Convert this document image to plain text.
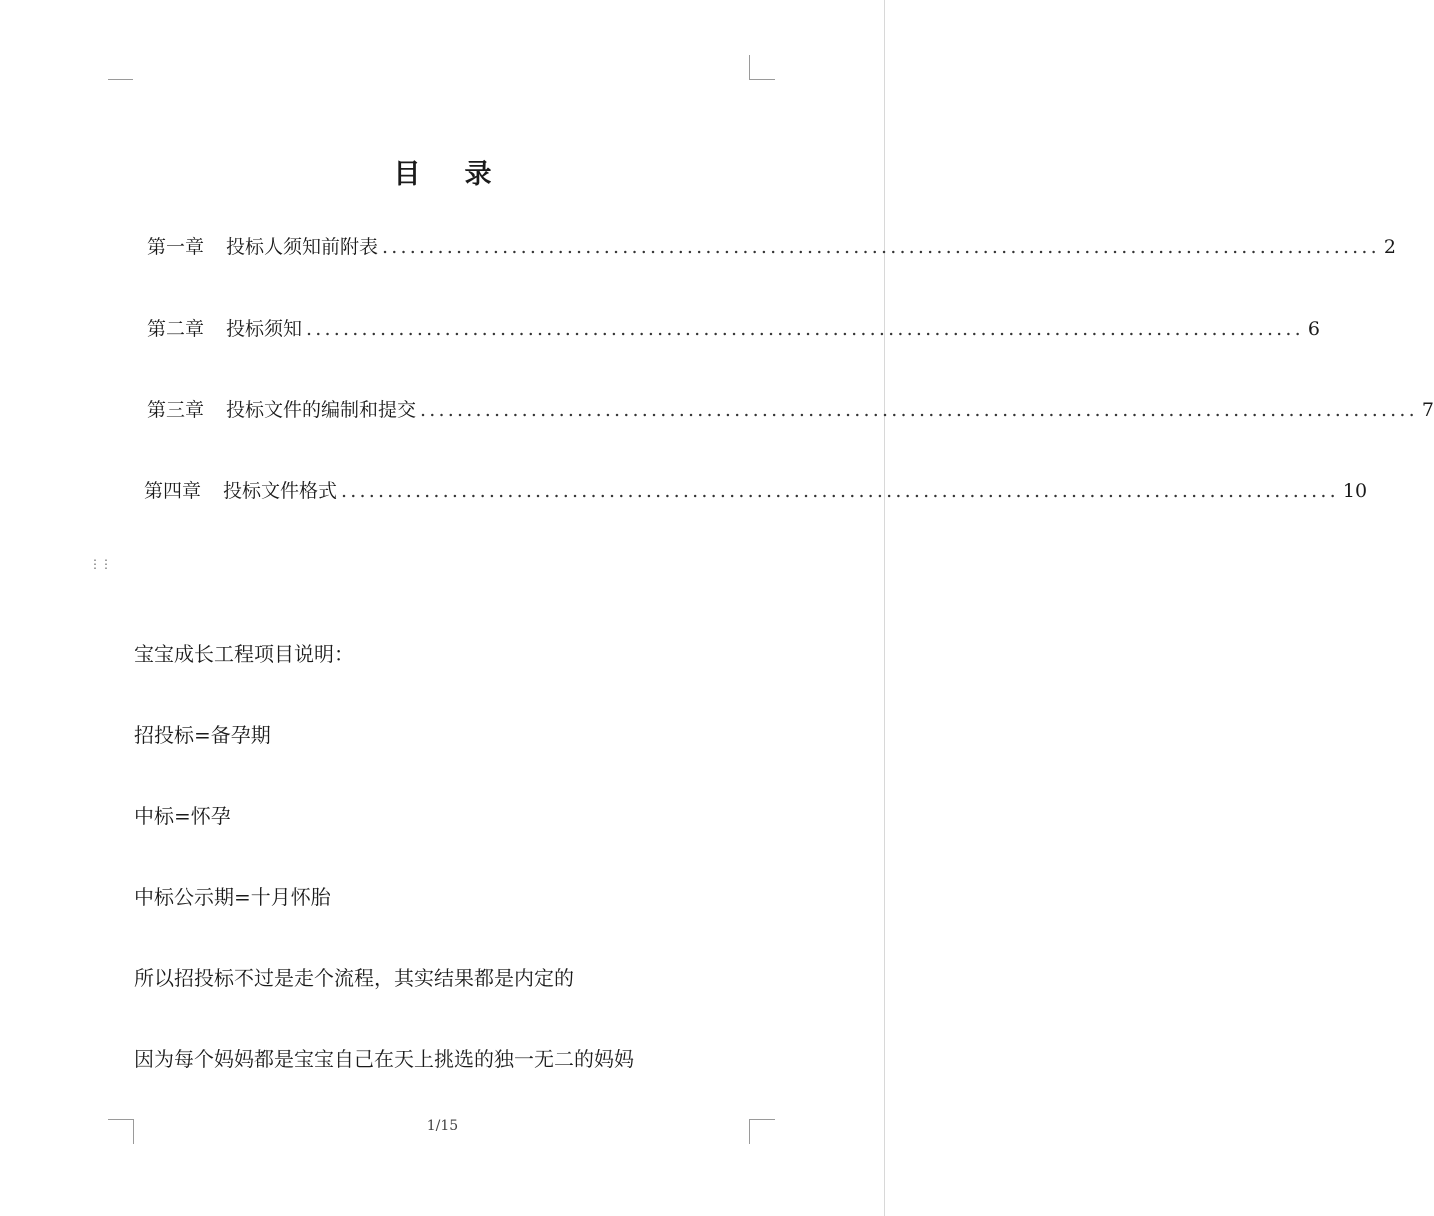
目录
第一章 投标人须知前附表 ............................................................................................................ 2
第二章 投标须知 ............................................................................................................ 6
第三章 投标文件的编制和提交 ............................................................................................................ 7
第四章 投标文件格式 ............................................................................................................ 10
⋮⋮
宝宝成长工程项目说明：
招投标=备孕期
中标=怀孕
中标公示期=十月怀胎
所以招投标不过是走个流程，其实结果都是内定的
因为每个妈妈都是宝宝自己在天上挑选的独一无二的妈妈
1/15
